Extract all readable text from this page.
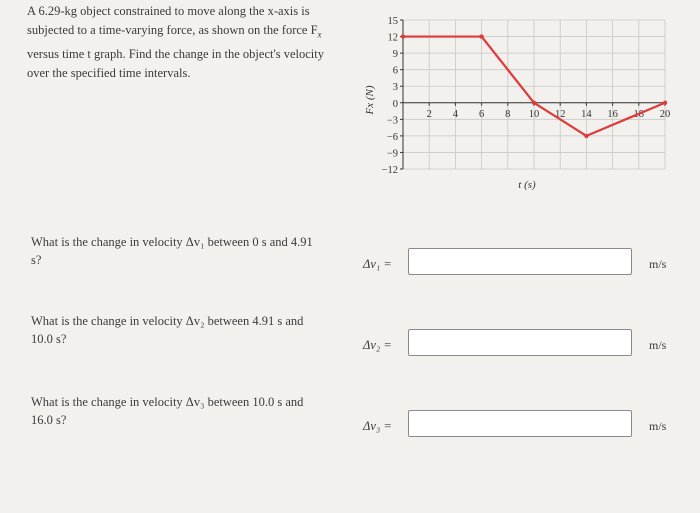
A 6.29-kg object constrained to move along the x-axis is
subjected to a time-varying force, as shown on the force $F_x$
versus time t graph. Find the change in the object's velocity
over the specified time intervals.
15
12
9
6
3
0
−3
−6
−9
−12
2 4 6 8 10 12 14 16 18 20
Fx (N)
t (s)
What is the change in velocity Δv₁ between 0 s and 4.91 s?	Δv₁ =	m/s
What is the change in velocity Δv₂ between 4.91 s and 10.0 s?	Δv₂ =	m/s
What is the change in velocity Δv₃ between 10.0 s and 16.0 s?	Δv₃ =	m/s
